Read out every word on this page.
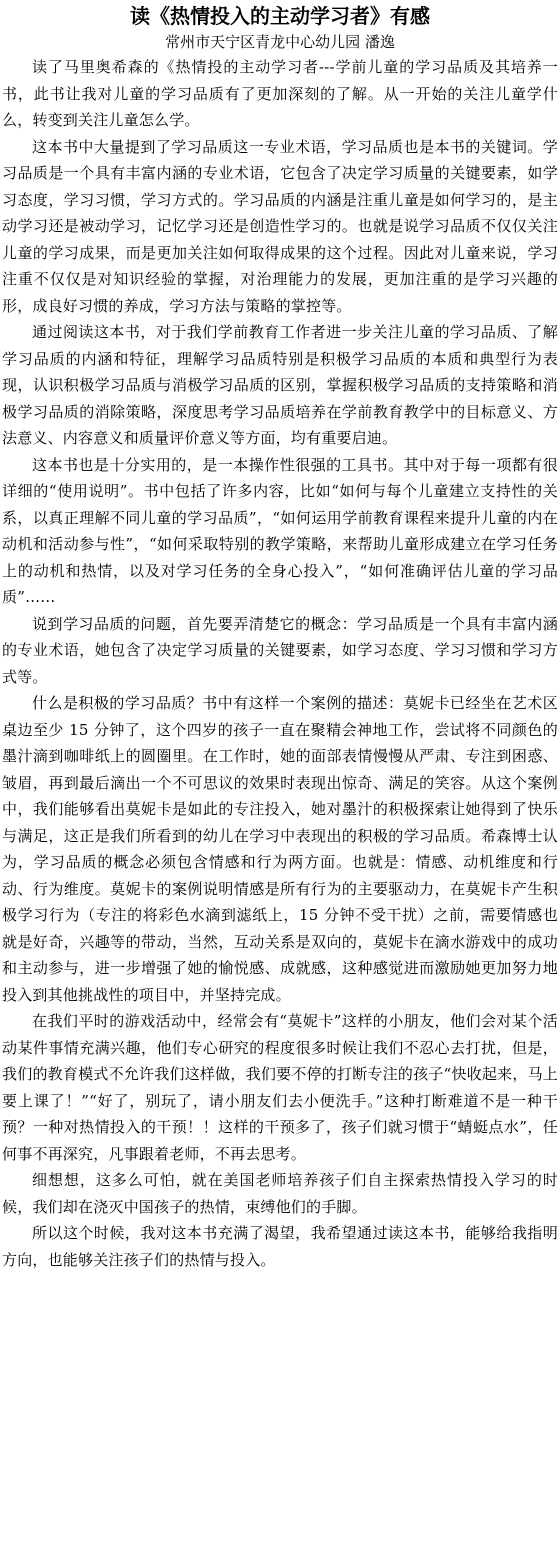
读《热情投入的主动学习者》有感
常州市天宁区青龙中心幼儿园 潘逸

读了马里奥希森的《热情投的主动学习者---学前儿童的学习品质及其培养一书，此书让我对儿童的学习品质有了更加深刻的了解。从一开始的关注儿童学什么，转变到关注儿童怎么学。

这本书中大量提到了学习品质这一专业术语，学习品质也是本书的关键词。学习品质是一个具有丰富内涵的专业术语，它包含了决定学习质量的关键要素，如学习态度，学习习惯，学习方式的。学习品质的内涵是注重儿童是如何学习的，是主动学习还是被动学习，记忆学习还是创造性学习的。也就是说学习品质不仅仅关注儿童的学习成果，而是更加关注如何取得成果的这个过程。因此对儿童来说，学习注重不仅仅是对知识经验的掌握，对治理能力的发展，更加注重的是学习兴趣的形，成良好习惯的养成，学习方法与策略的掌控等。

通过阅读这本书，对于我们学前教育工作者进一步关注儿童的学习品质、了解学习品质的内涵和特征，理解学习品质特别是积极学习品质的本质和典型行为表现，认识积极学习品质与消极学习品质的区别，掌握积极学习品质的支持策略和消极学习品质的消除策略，深度思考学习品质培养在学前教育教学中的目标意义、方法意义、内容意义和质量评价意义等方面，均有重要启迪。

这本书也是十分实用的，是一本操作性很强的工具书。其中对于每一项都有很详细的“使用说明”。书中包括了许多内容，比如“如何与每个儿童建立支持性的关系，以真正理解不同儿童的学习品质”，“如何运用学前教育课程来提升儿童的内在动机和活动参与性”，“如何采取特别的教学策略，来帮助儿童形成建立在学习任务上的动机和热情，以及对学习任务的全身心投入”，“如何准确评估儿童的学习品质”……

说到学习品质的问题，首先要弄清楚它的概念：学习品质是一个具有丰富内涵的专业术语，她包含了决定学习质量的关键要素，如学习态度、学习习惯和学习方式等。

什么是积极的学习品质？书中有这样一个案例的描述：莫妮卡已经坐在艺术区桌边至少 15 分钟了，这个四岁的孩子一直在聚精会神地工作，尝试将不同颜色的墨汁滴到咖啡纸上的圆圈里。在工作时，她的面部表情慢慢从严肃、专注到困惑、皱眉，再到最后滴出一个不可思议的效果时表现出惊奇、满足的笑容。从这个案例中，我们能够看出莫妮卡是如此的专注投入，她对墨汁的积极探索让她得到了快乐与满足，这正是我们所看到的幼儿在学习中表现出的积极的学习品质。希森博士认为，学习品质的概念必须包含情感和行为两方面。也就是：情感、动机维度和行动、行为维度。莫妮卡的案例说明情感是所有行为的主要驱动力，在莫妮卡产生积极学习行为（专注的将彩色水滴到滤纸上，15 分钟不受干扰）之前，需要情感也就是好奇，兴趣等的带动，当然，互动关系是双向的，莫妮卡在滴水游戏中的成功和主动参与，进一步增强了她的愉悦感、成就感，这种感觉进而激励她更加努力地投入到其他挑战性的项目中，并坚持完成。

在我们平时的游戏活动中，经常会有“莫妮卡”这样的小朋友，他们会对某个活动某件事情充满兴趣，他们专心研究的程度很多时候让我们不忍心去打扰，但是，我们的教育模式不允许我们这样做，我们要不停的打断专注的孩子“快收起来，马上要上课了！”“好了，别玩了，请小朋友们去小便洗手。”这种打断难道不是一种干预？一种对热情投入的干预！！这样的干预多了，孩子们就习惯于“蜻蜓点水”，任何事不再深究，凡事跟着老师，不再去思考。

细想想，这多么可怕，就在美国老师培养孩子们自主探索热情投入学习的时候，我们却在浇灭中国孩子的热情，束缚他们的手脚。

所以这个时候，我对这本书充满了渴望，我希望通过读这本书，能够给我指明方向，也能够关注孩子们的热情与投入。
